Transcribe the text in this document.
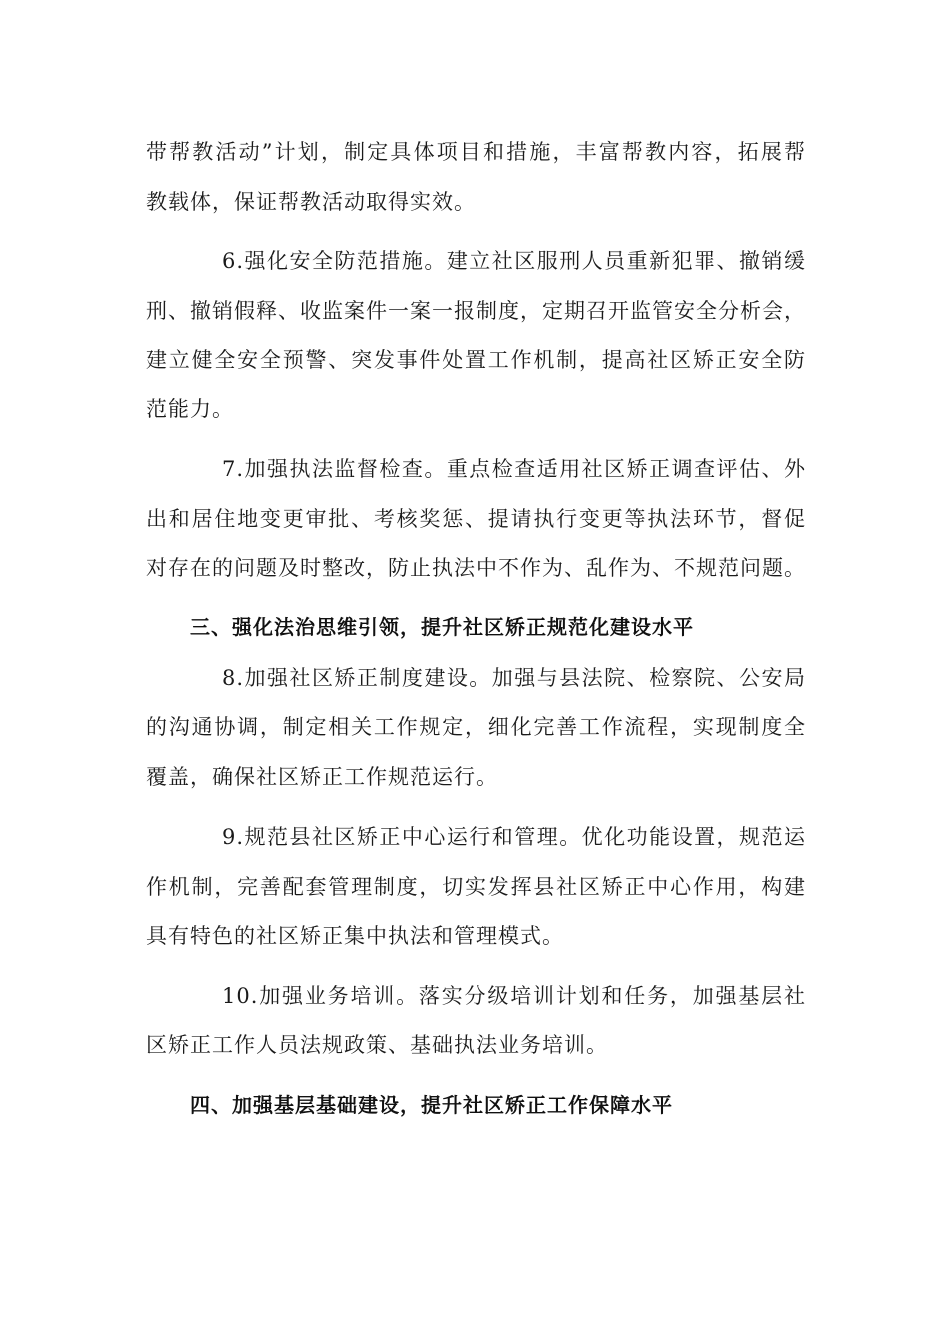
带帮教活动”计划，制定具体项目和措施，丰富帮教内容，拓展帮
教载体，保证帮教活动取得实效。
6.强化安全防范措施。建立社区服刑人员重新犯罪、撤销缓
刑、撤销假释、收监案件一案一报制度，定期召开监管安全分析会，
建立健全安全预警、突发事件处置工作机制，提高社区矫正安全防
范能力。
7.加强执法监督检查。重点检查适用社区矫正调查评估、外
出和居住地变更审批、考核奖惩、提请执行变更等执法环节，督促
对存在的问题及时整改，防止执法中不作为、乱作为、不规范问题。
三、强化法治思维引领，提升社区矫正规范化建设水平
8.加强社区矫正制度建设。加强与县法院、检察院、公安局
的沟通协调，制定相关工作规定，细化完善工作流程，实现制度全
覆盖，确保社区矫正工作规范运行。
9.规范县社区矫正中心运行和管理。优化功能设置，规范运
作机制，完善配套管理制度，切实发挥县社区矫正中心作用，构建
具有特色的社区矫正集中执法和管理模式。
10.加强业务培训。落实分级培训计划和任务，加强基层社
区矫正工作人员法规政策、基础执法业务培训。
四、加强基层基础建设，提升社区矫正工作保障水平
